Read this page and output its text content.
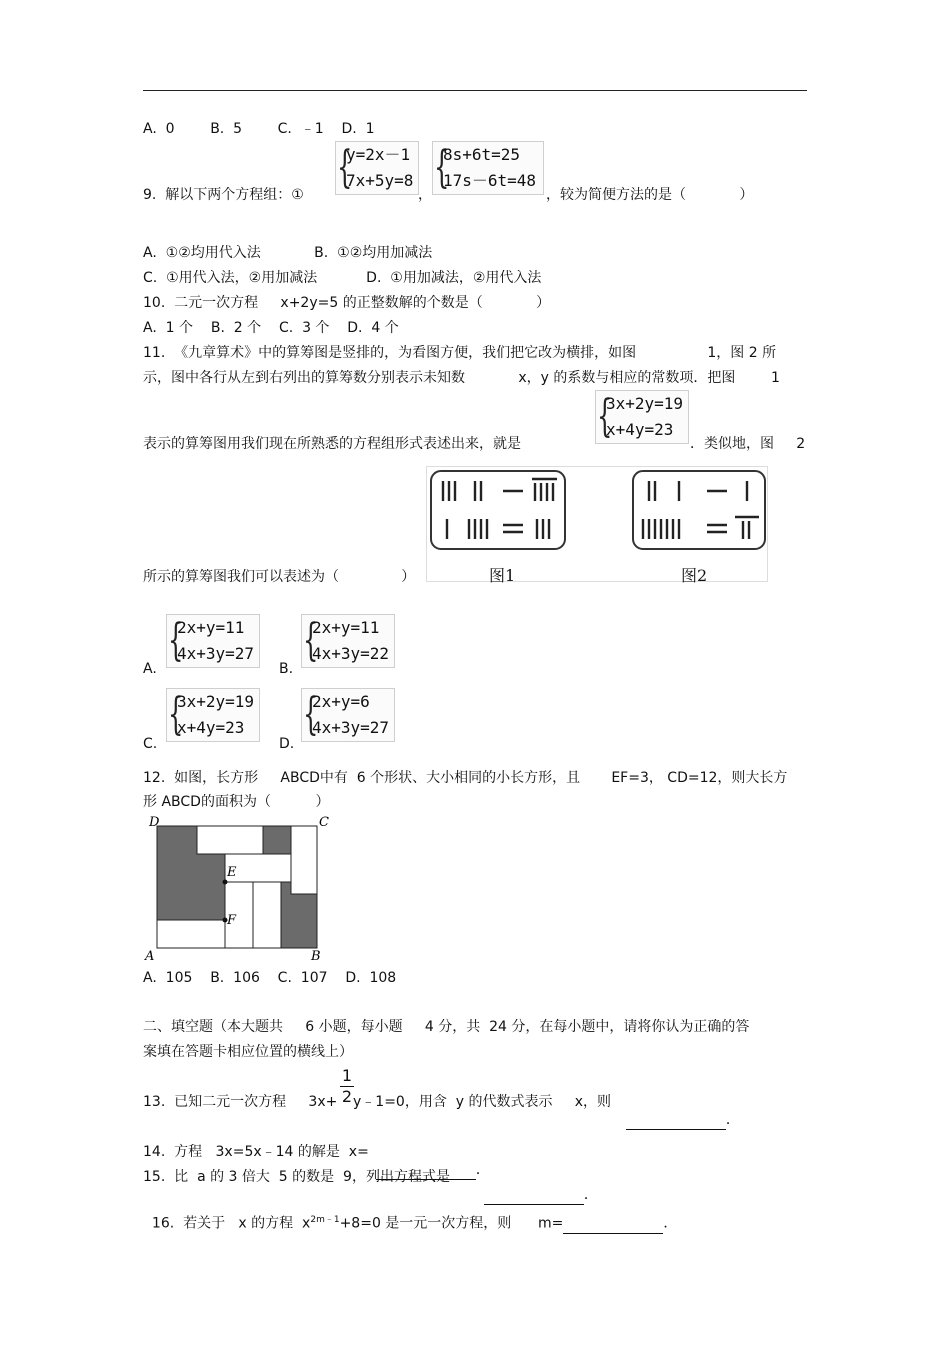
A.  0        B.  5        C.  ﹣1    D.  1
9.  解以下两个方程组：①
{
y=2x－1
7x+5y=8
，
{
8s+6t=25
17s－6t=48
，较为简便方法的是（            ）
A.  ①②均用代入法            B.  ①②均用加减法
C.  ①用代入法，②用加减法           D.  ①用加减法，②用代入法
10.  二元一次方程     x+2y=5 的正整数解的个数是（            ）
A.  1 个    B.  2 个    C.  3 个    D.  4 个
11.  《九章算术》中的算筹图是竖排的，为看图方便，我们把它改为横排，如图                1，图 2 所
示，图中各行从左到右列出的算筹数分别表示未知数            x，y 的系数与相应的常数项．把图        1
{
3x+2y=19
x+4y=23
表示的算筹图用我们现在所熟悉的方程组形式表述出来，就是	．类似地，图     2
图1	图2
所示的算筹图我们可以表述为（              ）
A.
{
2x+y=11
4x+3y=27
B.
{
2x+y=11
4x+3y=22
C.
{
3x+2y=19
x+4y=23
D.
{
2x+y=6
4x+3y=27
12.  如图，长方形     ABCD中有  6 个形状、大小相同的小长方形，且       EF=3， CD=12，则大长方
形 ABCD的面积为（          ）
D	C
A	B
E
F
A.  105    B.  106    C.  107    D.  108
二、填空题（本大题共     6 小题，每小题     4 分，共  24 分，在每小题中，请将你认为正确的答
案填在答题卡相应位置的横线上）
13.  已知二元一次方程     $3x+ \frac{1}{2}$ y﹣1=0，用含  y 的代数式表示     x，则

．

14.  方程   3x=5x﹣14 的解是  x=

．

15.  比  a 的 3 倍大  5 的数是  9，列出方程式是

．

16.  若关于   x 的方程  $x^{2m﹣1}+8=0$ 是一元一次方程，则      m=	．
